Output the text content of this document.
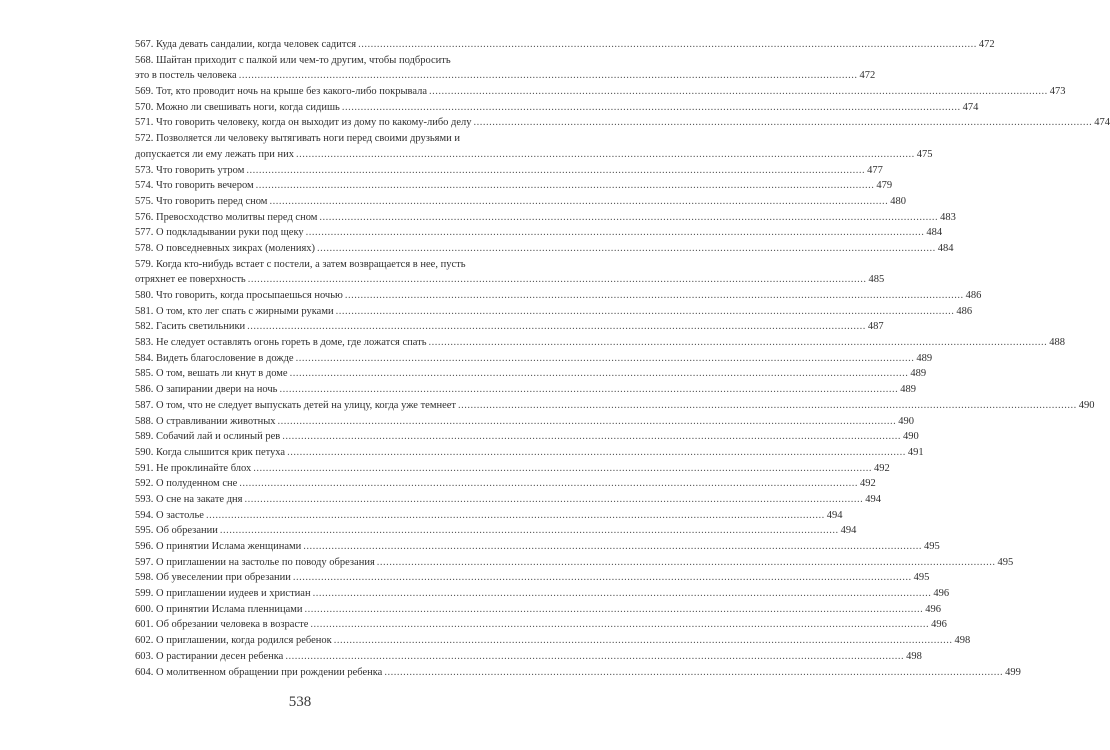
567. Куда девать сандалии, когда человек садится .....	472
568. Шайтан приходит с палкой или чем-то другим, чтобы подбросить
это в постель человека .....	472
569. Тот, кто проводит ночь на крыше без какого-либо покрывала .....	473
570. Можно ли свешивать ноги, когда сидишь .....	474
571. Что говорить человеку, когда он выходит из дому по какому-либо делу .....	474
572. Позволяется ли человеку вытягивать ноги перед своими друзьями и
допускается ли ему лежать при них .....	475
573. Что говорить утром .....	477
574. Что говорить вечером .....	479
575. Что говорить перед сном .....	480
576. Превосходство молитвы перед сном .....	483
577. О подкладывании руки под щеку .....	484
578. О повседневных зикрах (молениях) .....	484
579. Когда кто-нибудь встает с постели, а затем возвращается в нее, пусть
отряхнет ее поверхность .....	485
580. Что говорить, когда просыпаешься ночью .....	486
581. О том, кто лег спать с жирными руками .....	486
582. Гасить светильники .....	487
583. Не следует оставлять огонь гореть в доме, где ложатся спать .....	488
584. Видеть благословение в дожде .....	489
585. О том, вешать ли кнут в доме .....	489
586. О запирании двери на ночь .....	489
587. О том, что не следует выпускать детей на улицу, когда уже темнеет .....	490
588. О стравливании животных .....	490
589. Собачий лай и ослиный рев .....	490
590. Когда слышится крик петуха .....	491
591. Не проклинайте блох .....	492
592. О полуденном сне .....	492
593. О сне на закате дня .....	494
594. О застолье .....	494
595. Об обрезании .....	494
596. О принятии Ислама женщинами .....	495
597. О приглашении на застолье по поводу обрезания .....	495
598. Об увеселении при обрезании .....	495
599. О приглашении иудеев и христиан .....	496
600. О принятии Ислама пленницами .....	496
601. Об обрезании человека в возрасте .....	496
602. О приглашении, когда родился ребенок .....	498
603. О растирании десен ребенка .....	498
604. О молитвенном обращении при рождении ребенка .....	499
538
